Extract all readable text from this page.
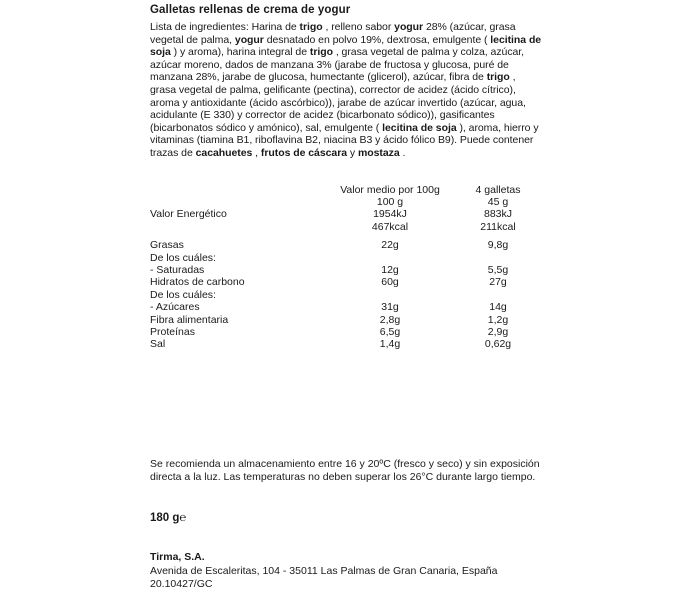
Galletas rellenas de crema de yogur
Lista de ingredientes: Harina de trigo , relleno sabor yogur 28% (azúcar, grasa vegetal de palma, yogur desnatado en polvo 19%, dextrosa, emulgente ( lecitina de soja ) y aroma), harina integral de trigo , grasa vegetal de palma y colza, azúcar, azúcar moreno, dados de manzana 3% (jarabe de fructosa y glucosa, puré de manzana 28%, jarabe de glucosa, humectante (glicerol), azúcar, fibra de trigo , grasa vegetal de palma, gelificante (pectina), corrector de acidez (ácido cítrico), aroma y antioxidante (ácido ascórbico)), jarabe de azúcar invertido (azúcar, agua, acidulante (E 330) y corrector de acidez (bicarbonato sódico)), gasificantes (bicarbonatos sódico y amónico), sal, emulgente ( lecitina de soja ), aroma, hierro y vitaminas (tiamina B1, riboflavina B2, niacina B3 y ácido fólico B9). Puede contener trazas de cacahuetes , frutos de cáscara y mostaza .
	Valor medio por 100g	4 galletas
	100 g	45 g
Valor Energético	1954kJ	883kJ
	467kcal	211kcal

Grasas	22g	9,8g
De los cuáles:		
- Saturadas	12g	5,5g
Hidratos de carbono	60g	27g
De los cuáles:		
- Azúcares	31g	14g
Fibra alimentaria	2,8g	1,2g
Proteínas	6,5g	2,9g
Sal	1,4g	0,62g
Se recomienda un almacenamiento entre 16 y 20ºC (fresco y seco) y sin exposición directa a la luz. Las temperaturas no deben superar los 26°C durante largo tiempo.
180 g℮
Tirma, S.A.
Avenida de Escaleritas, 104 - 35011 Las Palmas de Gran Canaria, España
20.10427/GC
